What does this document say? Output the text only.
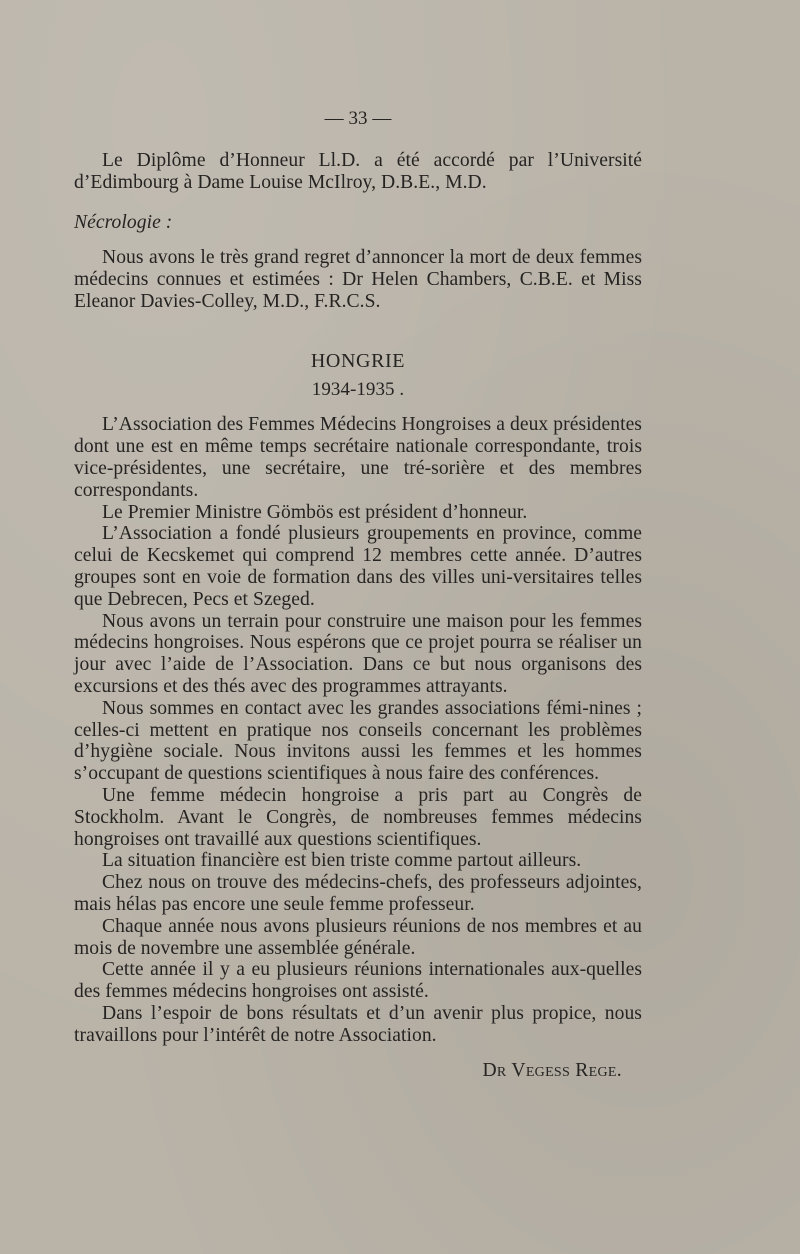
— 33 —

Le Diplôme d’Honneur Ll.D. a été accordé par l’Université d’Edimbourg à Dame Louise McIlroy, D.B.E., M.D.

Nécrologie :

Nous avons le très grand regret d’annoncer la mort de deux femmes médecins connues et estimées : Dr Helen Chambers, C.B.E. et Miss Eleanor Davies-Colley, M.D., F.R.C.S.

HONGRIE
1934-1935 .

L’Association des Femmes Médecins Hongroises a deux présidentes dont une est en même temps secrétaire nationale correspondante, trois vice-présidentes, une secrétaire, une tré-sorière et des membres correspondants.

Le Premier Ministre Gömbös est président d’honneur.

L’Association a fondé plusieurs groupements en province, comme celui de Kecskemet qui comprend 12 membres cette année. D’autres groupes sont en voie de formation dans des villes uni-versitaires telles que Debrecen, Pecs et Szeged.

Nous avons un terrain pour construire une maison pour les femmes médecins hongroises. Nous espérons que ce projet pourra se réaliser un jour avec l’aide de l’Association. Dans ce but nous organisons des excursions et des thés avec des programmes attrayants.

Nous sommes en contact avec les grandes associations fémi-nines ; celles-ci mettent en pratique nos conseils concernant les problèmes d’hygiène sociale. Nous invitons aussi les femmes et les hommes s’occupant de questions scientifiques à nous faire des conférences.

Une femme médecin hongroise a pris part au Congrès de Stockholm. Avant le Congrès, de nombreuses femmes médecins hongroises ont travaillé aux questions scientifiques.

La situation financière est bien triste comme partout ailleurs.

Chez nous on trouve des médecins-chefs, des professeurs adjointes, mais hélas pas encore une seule femme professeur.

Chaque année nous avons plusieurs réunions de nos membres et au mois de novembre une assemblée générale.

Cette année il y a eu plusieurs réunions internationales aux-quelles des femmes médecins hongroises ont assisté.

Dans l’espoir de bons résultats et d’un avenir plus propice, nous travaillons pour l’intérêt de notre Association.

Dr Vegess Rege.
